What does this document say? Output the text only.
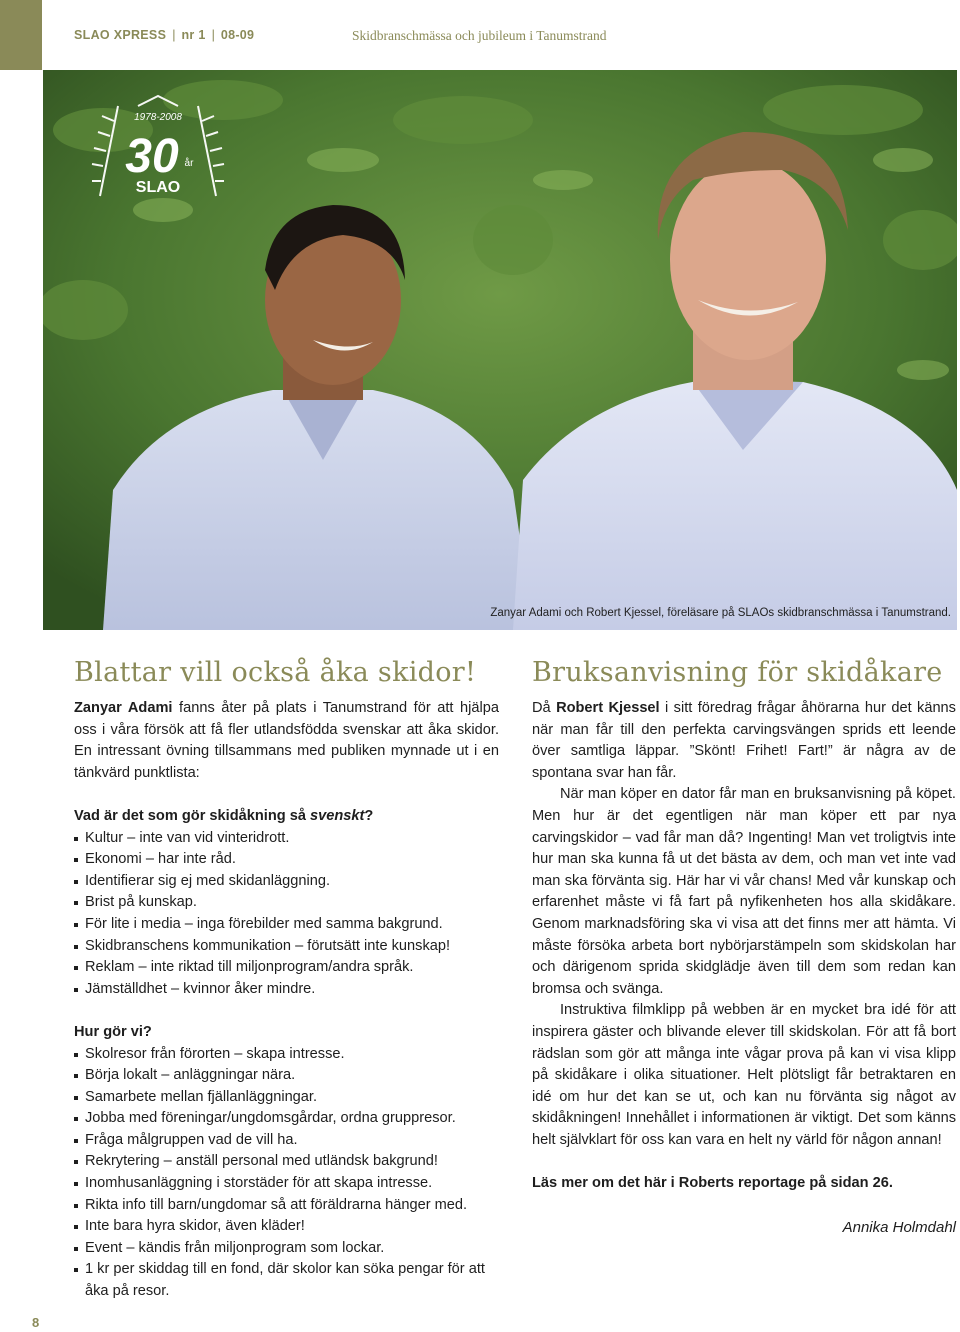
SLAO XPRESS | nr 1 | 08-09	Skidbranschmässa och jubileum i Tanumstrand
Zanyar Adami och Robert Kjessel, föreläsare på SLAOs skidbranschmässa i Tanumstrand.
1978-2008
30 år
SLAO
Blattar vill också åka skidor!

Zanyar Adami fanns åter på plats i Tanumstrand för att hjälpa oss i våra försök att få fler utlandsfödda svenskar att åka skidor. En intressant övning tillsammans med publiken mynnade ut i en tänkvärd punktlista:

Vad är det som gör skidåkning så svenskt?

Kultur – inte van vid vinteridrott.
Ekonomi – har inte råd.
Identifierar sig ej med skidanläggning.
Brist på kunskap.
För lite i media – inga förebilder med samma bakgrund.
Skidbranschens kommunikation – förutsätt inte kunskap!
Reklam – inte riktad till miljonprogram/andra språk.
Jämställdhet – kvinnor åker mindre.

Hur gör vi?

Skolresor från förorten – skapa intresse.
Börja lokalt – anläggningar nära.
Samarbete mellan fjällanläggningar.
Jobba med föreningar/ungdomsgårdar, ordna gruppresor.
Fråga målgruppen vad de vill ha.
Rekrytering – anställ personal med utländsk bakgrund!
Inomhusanläggning i storstäder för att skapa intresse.
Rikta info till barn/ungdomar så att föräldrarna hänger med.
Inte bara hyra skidor, även kläder!
Event – kändis från miljonprogram som lockar.
1 kr per skiddag till en fond, där skolor kan söka pengar för att åka på resor.
Bruksanvisning för skidåkare

Då Robert Kjessel i sitt föredrag frågar åhörarna hur det känns när man får till den perfekta carvingsvängen sprids ett leende över samtliga läppar. ”Skönt! Frihet! Fart!” är några av de spontana svar han får.

När man köper en dator får man en bruksanvisning på köpet. Men hur är det egentligen när man köper ett par nya carvingskidor – vad får man då? Ingenting! Man vet troligtvis inte hur man ska kunna få ut det bästa av dem, och man vet inte vad man ska förvänta sig. Här har vi vår chans! Med vår kunskap och erfarenhet måste vi få fart på nyfikenheten hos alla skidåkare. Genom marknadsföring ska vi visa att det finns mer att hämta. Vi måste försöka arbeta bort nybörjarstämpeln som skidskolan har och därigenom sprida skidglädje även till dem som redan kan bromsa och svänga.

Instruktiva filmklipp på webben är en mycket bra idé för att inspirera gäster och blivande elever till skidskolan. För att få bort rädslan som gör att många inte vågar prova på kan vi visa klipp på skidåkare i olika situationer. Helt plötsligt får betraktaren en idé om hur det kan se ut, och kan nu förvänta sig något av skidåkningen! Innehållet i informationen är viktigt. Det som känns helt självklart för oss kan vara en helt ny värld för någon annan!

Läs mer om det här i Roberts reportage på sidan 26.

Annika Holmdahl
8
